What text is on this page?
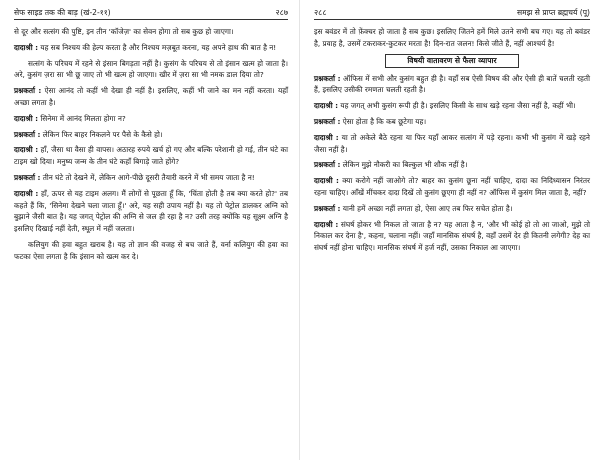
सेफ साइड तक की बाड़ (खं-2-११)	२८७

से दूर और सत्संग की पुष्टि, इन तीन 'कॉजेज़' का सेवन होगा तो सब कुछ हो जाएगा।

दादाश्री : यह सब निश्चय की हेल्प करता है और निश्चय मज़बूत करना, यह अपने हाथ की बात है न!

सत्संग के परिचय में रहने से इंसान बिगड़ता नहीं है। कुसंग के परिचय से तो इंसान खत्म हो जाता है। अरे, कुसंग ज़रा सा भी छू जाए तो भी खत्म हो जाएगा। खीर में ज़रा सा भी नमक डाल दिया तो?

प्रश्नकर्ता : ऐसा आनंद तो कहीं भी देखा ही नहीं है। इसलिए, कहीं भी जाने का मन नहीं करता। यहाँ अच्छा लगता है।

दादाश्री : सिनेमा में आनंद मिलता होगा न?

प्रश्नकर्ता : लेकिन फिर बाहर निकलने पर पैसे के कैसे हो।

दादाश्री : हाँ, जैसा था वैसा ही वापस। अठारह रुपये खर्च हो गए और बल्कि परेशानी हो गई, तीन घंटे का टाइम खो दिया। मनुष्य जन्म के तीन घंटे कहाँ बिगाड़े जाते होंगे?

प्रश्नकर्ता : तीन घंटे तो देखने में, लेकिन आगे-पीछे दूसरी तैयारी करने में भी समय जाता है न!

दादाश्री : हाँ, ऊपर से यह टाइम अलग। मैं लोगों से पूछता हूँ कि, 'चिंता होती है तब क्या करते हो?' तब कहते हैं कि, 'सिनेमा देखने चला जाता हूँ।' अरे, यह सही उपाय नहीं है। यह तो पेट्रोल डालकर अग्नि को बुझाने जैसी बात है। यह जगत् पेट्रोल की अग्नि से जल ही रहा है न? उसी तरह क्योंकि यह सूक्ष्म अग्नि है इसलिए दिखाई नहीं देती, स्थूल में नहीं जलता।

कलियुग की हवा बहुत खराब है। यह तो ज्ञान की वजह से बच जाते हैं, वर्ना कलियुग की हवा का फटका ऐसा लगता है कि इंसान को खत्म कर दे।

२८८	समझ से प्राप्त ब्रह्मचर्य (पू)

इस बवंडर में तो फ़ेंक्चर हो जाता है सब कुछ। इसलिए जितने हमें मिले उतने सभी बच गए। यह तो बवंडर है, प्रवाह है, उसमें टकराकर-कुटकर मरता है! दिन-रात जलन! किसे जीते हैं, नहीं आश्चर्य है!

विषयी वातावरण से फैला व्यापार

प्रश्नकर्ता : ऑफिस में सभी और कुसंग बहुत ही है। वहाँ सब ऐसी विषय की और ऐसी ही बातें चलती रहती हैं, इसलिए उसीकी रमणता चलती रहती है।

दादाश्री : यह जगत् अभी कुसंग रूपी ही है। इसलिए किसी के साथ खड़े रहना जैसा नहीं है, कहीं भी।

प्रश्नकर्ता : ऐसा होता है कि कब छूटेगा यह।

दादाश्री : या तो अकेले बैठे रहना या फिर यहाँ आकर सत्संग में पड़े रहना। कभी भी कुसंग में खड़े रहने जैसा नहीं है।

प्रश्नकर्ता : लेकिन मुझे नौकरी का बिल्कुल भी शौक नहीं है।

दादाश्री : क्या करोगे नहीं जाओगे तो? बाहर का कुसंग छूना नहीं चाहिए, दादा का निदिध्यासन निरंतर रहना चाहिए। आँखें मींचकर दादा दिखें तो कुसंग छूएगा ही नहीं न? ऑफिस में कुसंग मिल जाता है, नहीं?

प्रश्नकर्ता : यानी हमें अच्छा नहीं लगता हो, ऐसा आए तब फिर सचेत होता है।

दादाश्री : संघर्ष होकर भी निकल तो जाता है न? यह आता है न, 'और भी कोई हो तो आ जाओ, मुझे तो निकाल कर देना है', कहना, चलाना नहीं। जहाँ मानसिक संघर्ष है, वहाँ उसमें देर ही कितनी लगेगी? देह का संघर्ष नहीं होना चाहिए। मानसिक संघर्ष में हर्ज नहीं, उसका निकाल आ जाएगा।
